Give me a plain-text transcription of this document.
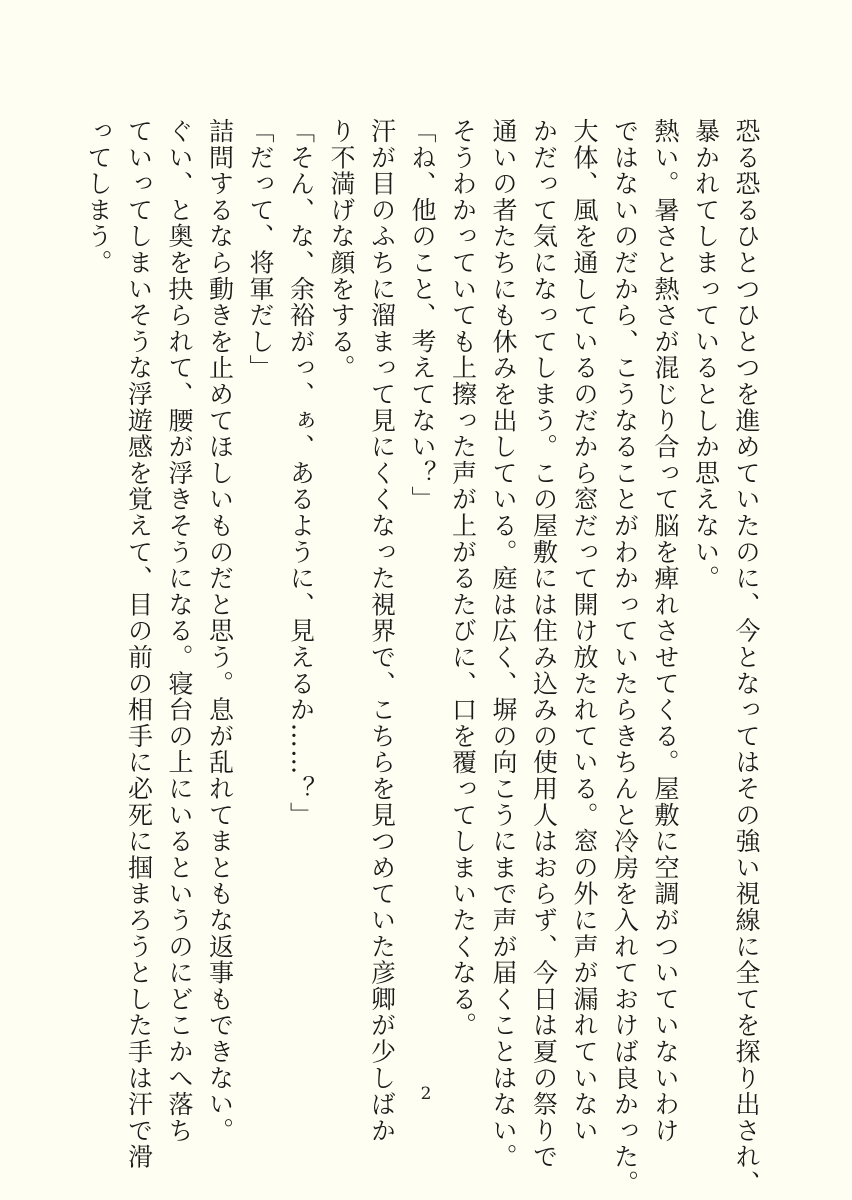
恐る恐るひとつひとつを進めていたのに、今となってはその強い視線に全てを探り出され、
暴かれてしまっているとしか思えない。
熱い。暑さと熱さが混じり合って脳を痺れさせてくる。屋敷に空調がついていないわけ
ではないのだから、こうなることがわかっていたらきちんと冷房を入れておけば良かった。
大体、風を通しているのだから窓だって開け放たれている。窓の外に声が漏れていない
かだって気になってしまう。この屋敷には住み込みの使用人はおらず、今日は夏の祭りで
通いの者たちにも休みを出している。庭は広く、塀の向こうにまで声が届くことはない。
そうわかっていても上擦った声が上がるたびに、口を覆ってしまいたくなる。
「ね、他のこと、考えてない？」
汗が目のふちに溜まって見にくくなった視界で、こちらを見つめていた彦卿が少しばか
り不満げな顔をする。
「そん、な、余裕がっ、ぁ、あるように、見えるか……？」
「だって、将軍だし」
詰問するなら動きを止めてほしいものだと思う。息が乱れてまともな返事もできない。
ぐい、と奥を抉られて、腰が浮きそうになる。寝台の上にいるというのにどこかへ落ち
ていってしまいそうな浮遊感を覚えて、目の前の相手に必死に掴まろうとした手は汗で滑
ってしまう。
2
